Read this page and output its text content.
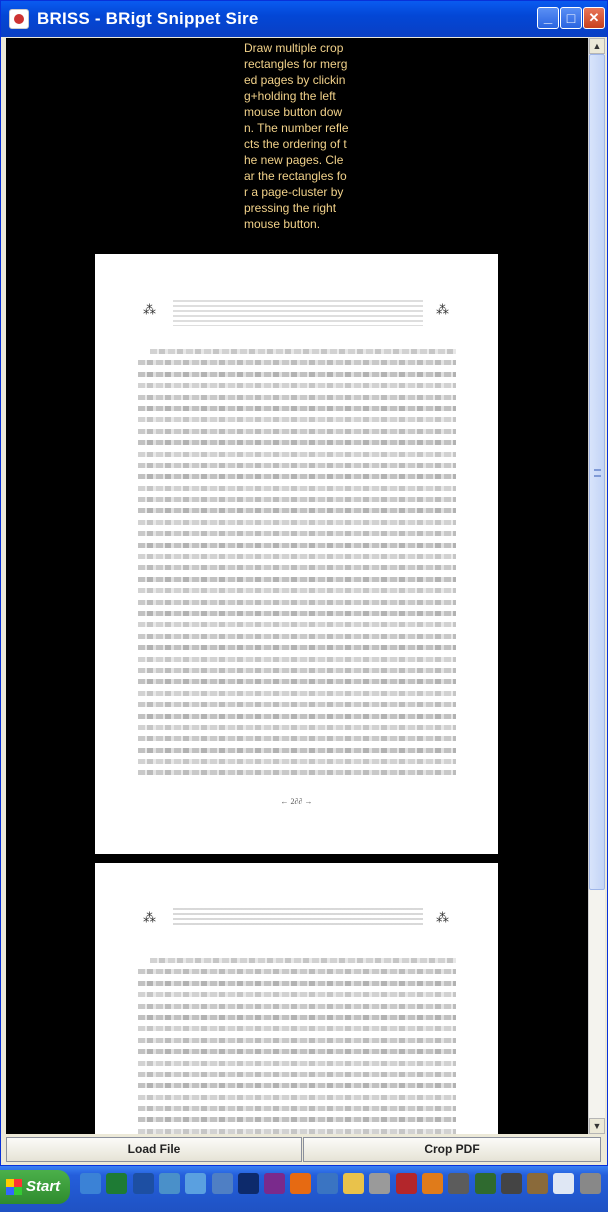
BRISS - BRigt Snippet Sire	_	□	✕
Draw multiple crop rectangles for merged pages by clicking+holding the left mouse button down. The number reflects the ordering of the new pages. Clear the rectangles for a page-cluster by pressing the right mouse button.
⁂	⁂
← 2∂∂ →
⁂	⁂
▲
▼
Load File	Crop PDF
Start
